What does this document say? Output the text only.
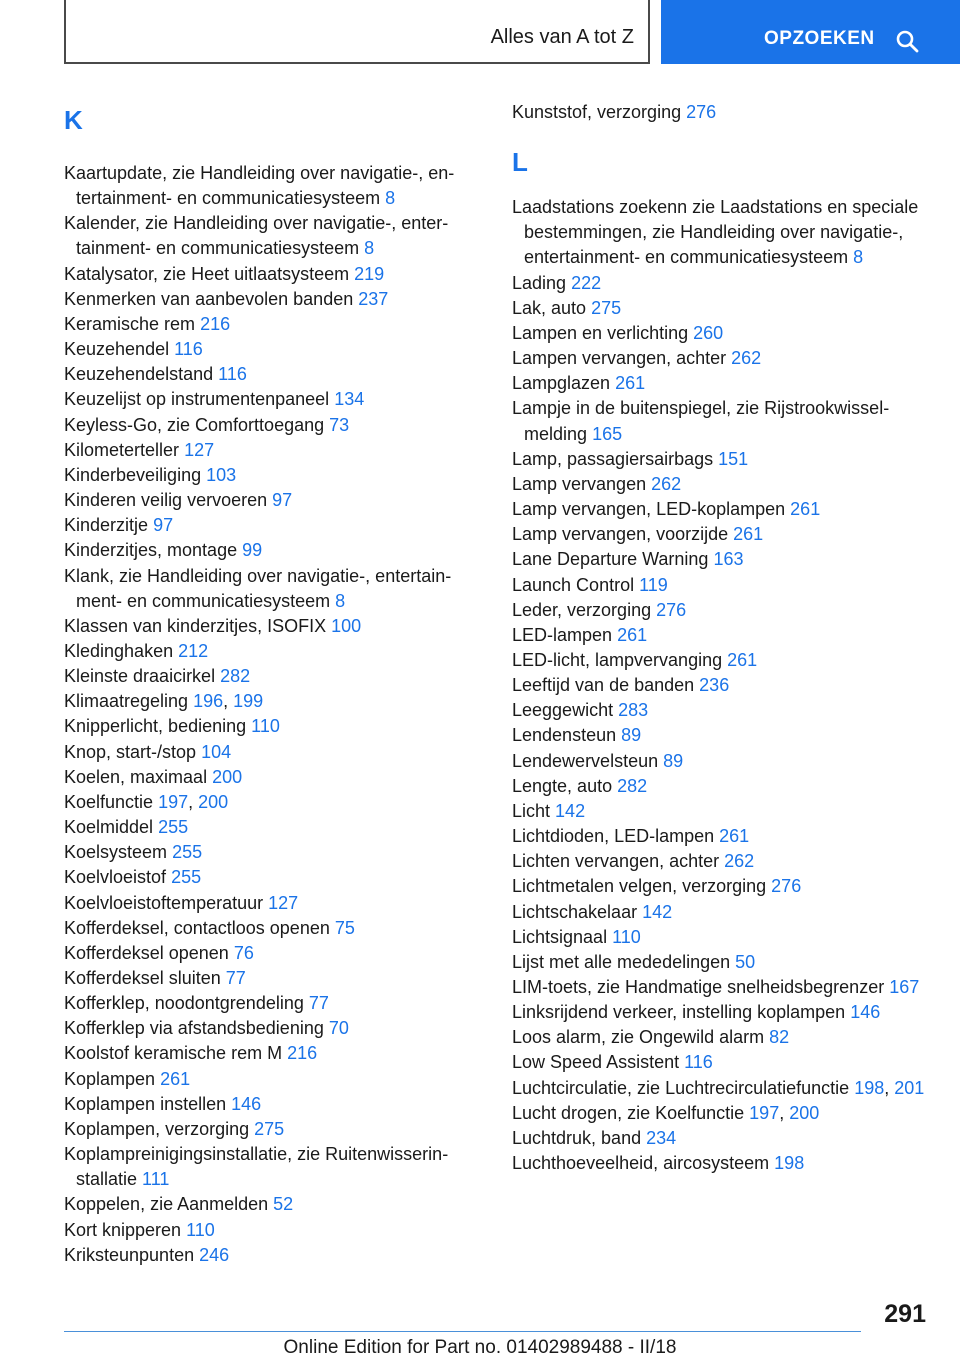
Alles van A tot Z	OPZOEKEN
K
Kaartupdate, zie Handleiding over navigatie-, entertainment- en communicatiesysteem 8
Kalender, zie Handleiding over navigatie-, entertainment- en communicatiesysteem 8
Katalysator, zie Heet uitlaatsysteem 219
Kenmerken van aanbevolen banden 237
Keramische rem 216
Keuzehendel 116
Keuzehendelstand 116
Keuzelijst op instrumentenpaneel 134
Keyless-Go, zie Comforttoegang 73
Kilometerteller 127
Kinderbeveiliging 103
Kinderen veilig vervoeren 97
Kinderzitje 97
Kinderzitjes, montage 99
Klank, zie Handleiding over navigatie-, entertainment- en communicatiesysteem 8
Klassen van kinderzitjes, ISOFIX 100
Kledinghaken 212
Kleinste draaicirkel 282
Klimaatregeling 196, 199
Knipperlicht, bediening 110
Knop, start-/stop 104
Koelen, maximaal 200
Koelfunctie 197, 200
Koelmiddel 255
Koelsysteem 255
Koelvloeistof 255
Koelvloeistoftemperatuur 127
Kofferdeksel, contactloos openen 75
Kofferdeksel openen 76
Kofferdeksel sluiten 77
Kofferklep, noodontgrendeling 77
Kofferklep via afstandsbediening 70
Koolstof keramische rem M 216
Koplampen 261
Koplampen instellen 146
Koplampen, verzorging 275
Koplampreinigingsinstallatie, zie Ruitenwisserinstallatie 111
Koppelen, zie Aanmelden 52
Kort knipperen 110
Kriksteunpunten 246
Kunststof, verzorging 276
L
Laadstations zoekenn zie Laadstations en speciale bestemmingen, zie Handleiding over navigatie-, entertainment- en communicatiesysteem 8
Lading 222
Lak, auto 275
Lampen en verlichting 260
Lampen vervangen, achter 262
Lampglazen 261
Lampje in de buitenspiegel, zie Rijstrookwisselmelding 165
Lamp, passagiersairbags 151
Lamp vervangen 262
Lamp vervangen, LED-koplampen 261
Lamp vervangen, voorzijde 261
Lane Departure Warning 163
Launch Control 119
Leder, verzorging 276
LED-lampen 261
LED-licht, lampvervanging 261
Leeftijd van de banden 236
Leeggewicht 283
Lendensteun 89
Lendewervelsteun 89
Lengte, auto 282
Licht 142
Lichtdioden, LED-lampen 261
Lichten vervangen, achter 262
Lichtmetalen velgen, verzorging 276
Lichtschakelaar 142
Lichtsignaal 110
Lijst met alle mededelingen 50
LIM-toets, zie Handmatige snelheidsbegrenzer 167
Linksrijdend verkeer, instelling koplampen 146
Loos alarm, zie Ongewild alarm 82
Low Speed Assistent 116
Luchtcirculatie, zie Luchtrecirculatiefunctie 198, 201
Lucht drogen, zie Koelfunctie 197, 200
Luchtdruk, band 234
Luchthoeveelheid, aircosysteem 198
291
Online Edition for Part no. 01402989488 - II/18
